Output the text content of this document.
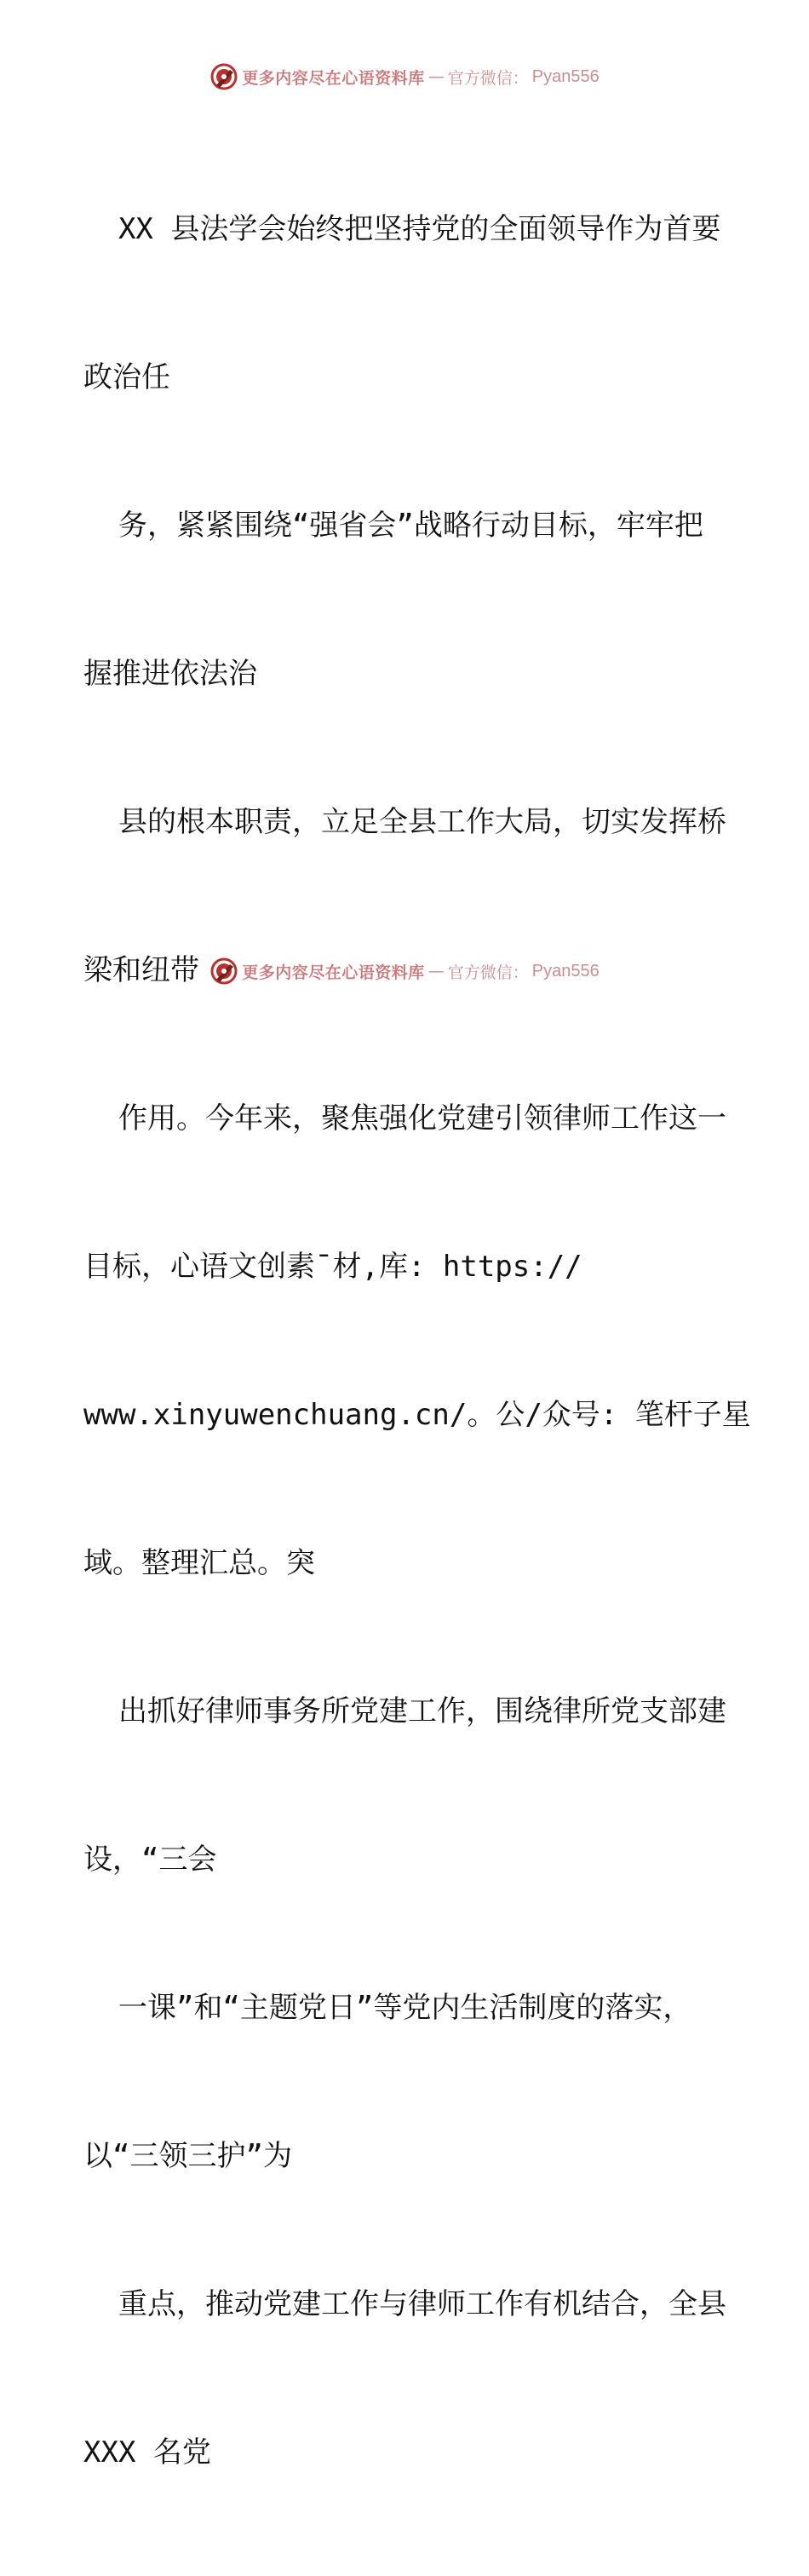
更多内容尽在心语资料库 — 官方微信： Pyan556

XX 县法学会始终把坚持党的全面领导作为首要

政治任

务，紧紧围绕“强省会”战略行动目标，牢牢把

握推进依法治

县的根本职责，立足全县工作大局，切实发挥桥

梁和纽带

作用。今年来，聚焦强化党建引领律师工作这一

目标，心语文创素¯材,库: https://

www.xinyuwenchuang.cn/。公/众号: 笔杆子星

域。整理汇总。突

出抓好律师事务所党建工作，围绕律所党支部建

设，“三会

一课”和“主题党日”等党内生活制度的落实，

以“三领三护”为

重点，推动党建工作与律师工作有机结合，全县

XXX 名党

更多内容尽在心语资料库 — 官方微信： Pyan556
